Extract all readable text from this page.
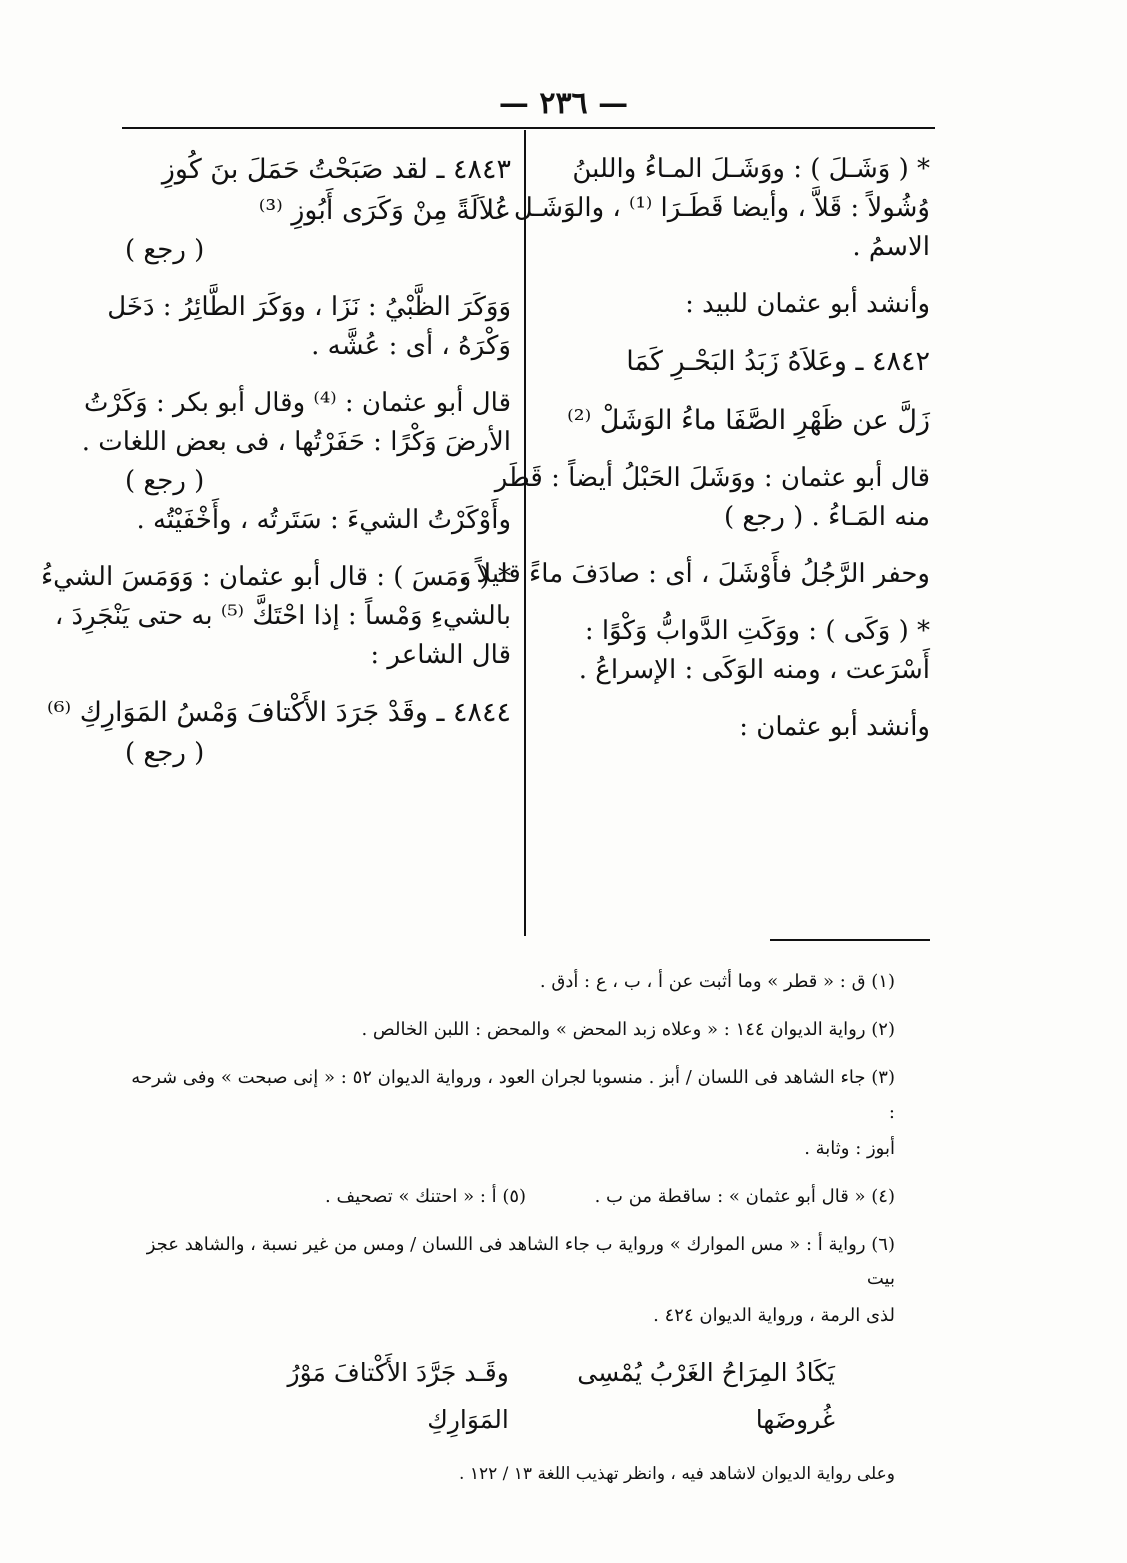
— ٢٣٦ —
* ( وَشَـلَ ) : ووَشَـلَ المـاءُ واللبنُ
وُشُولاً : قَلاَّ ، وأيضا قَطَـرَا ⁽¹⁾ ، والوَشَـل :
الاسمُ .
وأنشد أبو عثمان للبيد :
٤٨٤٢ ـ وعَلاَهُ زَبَدُ البَحْـرِ كَمَا
زَلَّ عن ظَهْرِ الصَّفَا ماءُ الوَشَلْ ⁽²⁾
قال أبو عثمان : ووَشَلَ الحَبْلُ أيضاً : قَطَر
منه المَـاءُ . ( رجع )
وحفر الرَّجُلُ فأَوْشَلَ ، أى : صادَفَ ماءً قليلاً .
* ( وَكَى ) : ووَكَتِ الدَّوابُّ وَكْوًا :
أَسْرَعت ، ومنه الوَكَى : الإسراعُ .
وأنشد أبو عثمان :
٤٨٤٣ ـ لقد صَبَحْتُ حَمَلَ بنَ كُوزِ
عُلاَلَةً مِنْ وَكَرَى أَبُوزِ ⁽³⁾
( رجع )
وَوَكَرَ الظَّبْيُ : نَزَا ، ووَكَرَ الطَّائِرُ : دَخَل
وَكْرَهُ ، أى : عُشَّه .
قال أبو عثمان : ⁽⁴⁾ وقال أبو بكر : وَكَرْتُ
الأرضَ وَكْرًا : حَفَرْتُها ، فى بعض اللغات .
( رجع )
وأَوْكَرْتُ الشيءَ : سَتَرتُه ، وأَخْفَيْتُه .
* ( وَمَسَ ) : قال أبو عثمان : وَوَمَسَ الشيءُ
بالشيءِ وَمْساً : إذا احْتَكَّ ⁽⁵⁾ به حتى يَنْجَرِدَ ،
قال الشاعر :
٤٨٤٤ ـ وقَدْ جَرَدَ الأَكْتافَ وَمْسُ المَوَارِكِ ⁽⁶⁾
( رجع )
(١) ق : « قطر » وما أثبت عن أ ، ب ، ع : أدق .
(٢) رواية الديوان ١٤٤ : « وعلاه زبد المحض » والمحض : اللبن الخالص .
(٣) جاء الشاهد فى اللسان / أبز . منسوبا لجران العود ، ورواية الديوان ٥٢ : « إنى صبحت » وفى شرحه :
أبوز : وثابة .
(٤) « قال أبو عثمان » : ساقطة من ب .
(٥) أ : « احتنك » تصحيف .
(٦) رواية أ : « مس الموارك » ورواية ب جاء الشاهد فى اللسان / ومس من غير نسبة ، والشاهد عجز بيت
لذى الرمة ، ورواية الديوان ٤٢٤ .
يَكَادُ المِرَاحُ الغَرْبُ يُمْسِى غُروضَها
وقَـد جَرَّدَ الأَكْتافَ مَوْرُ المَوَارِكِ
وعلى رواية الديوان لاشاهد فيه ، وانظر تهذيب اللغة ١٣ / ١٢٢ .
